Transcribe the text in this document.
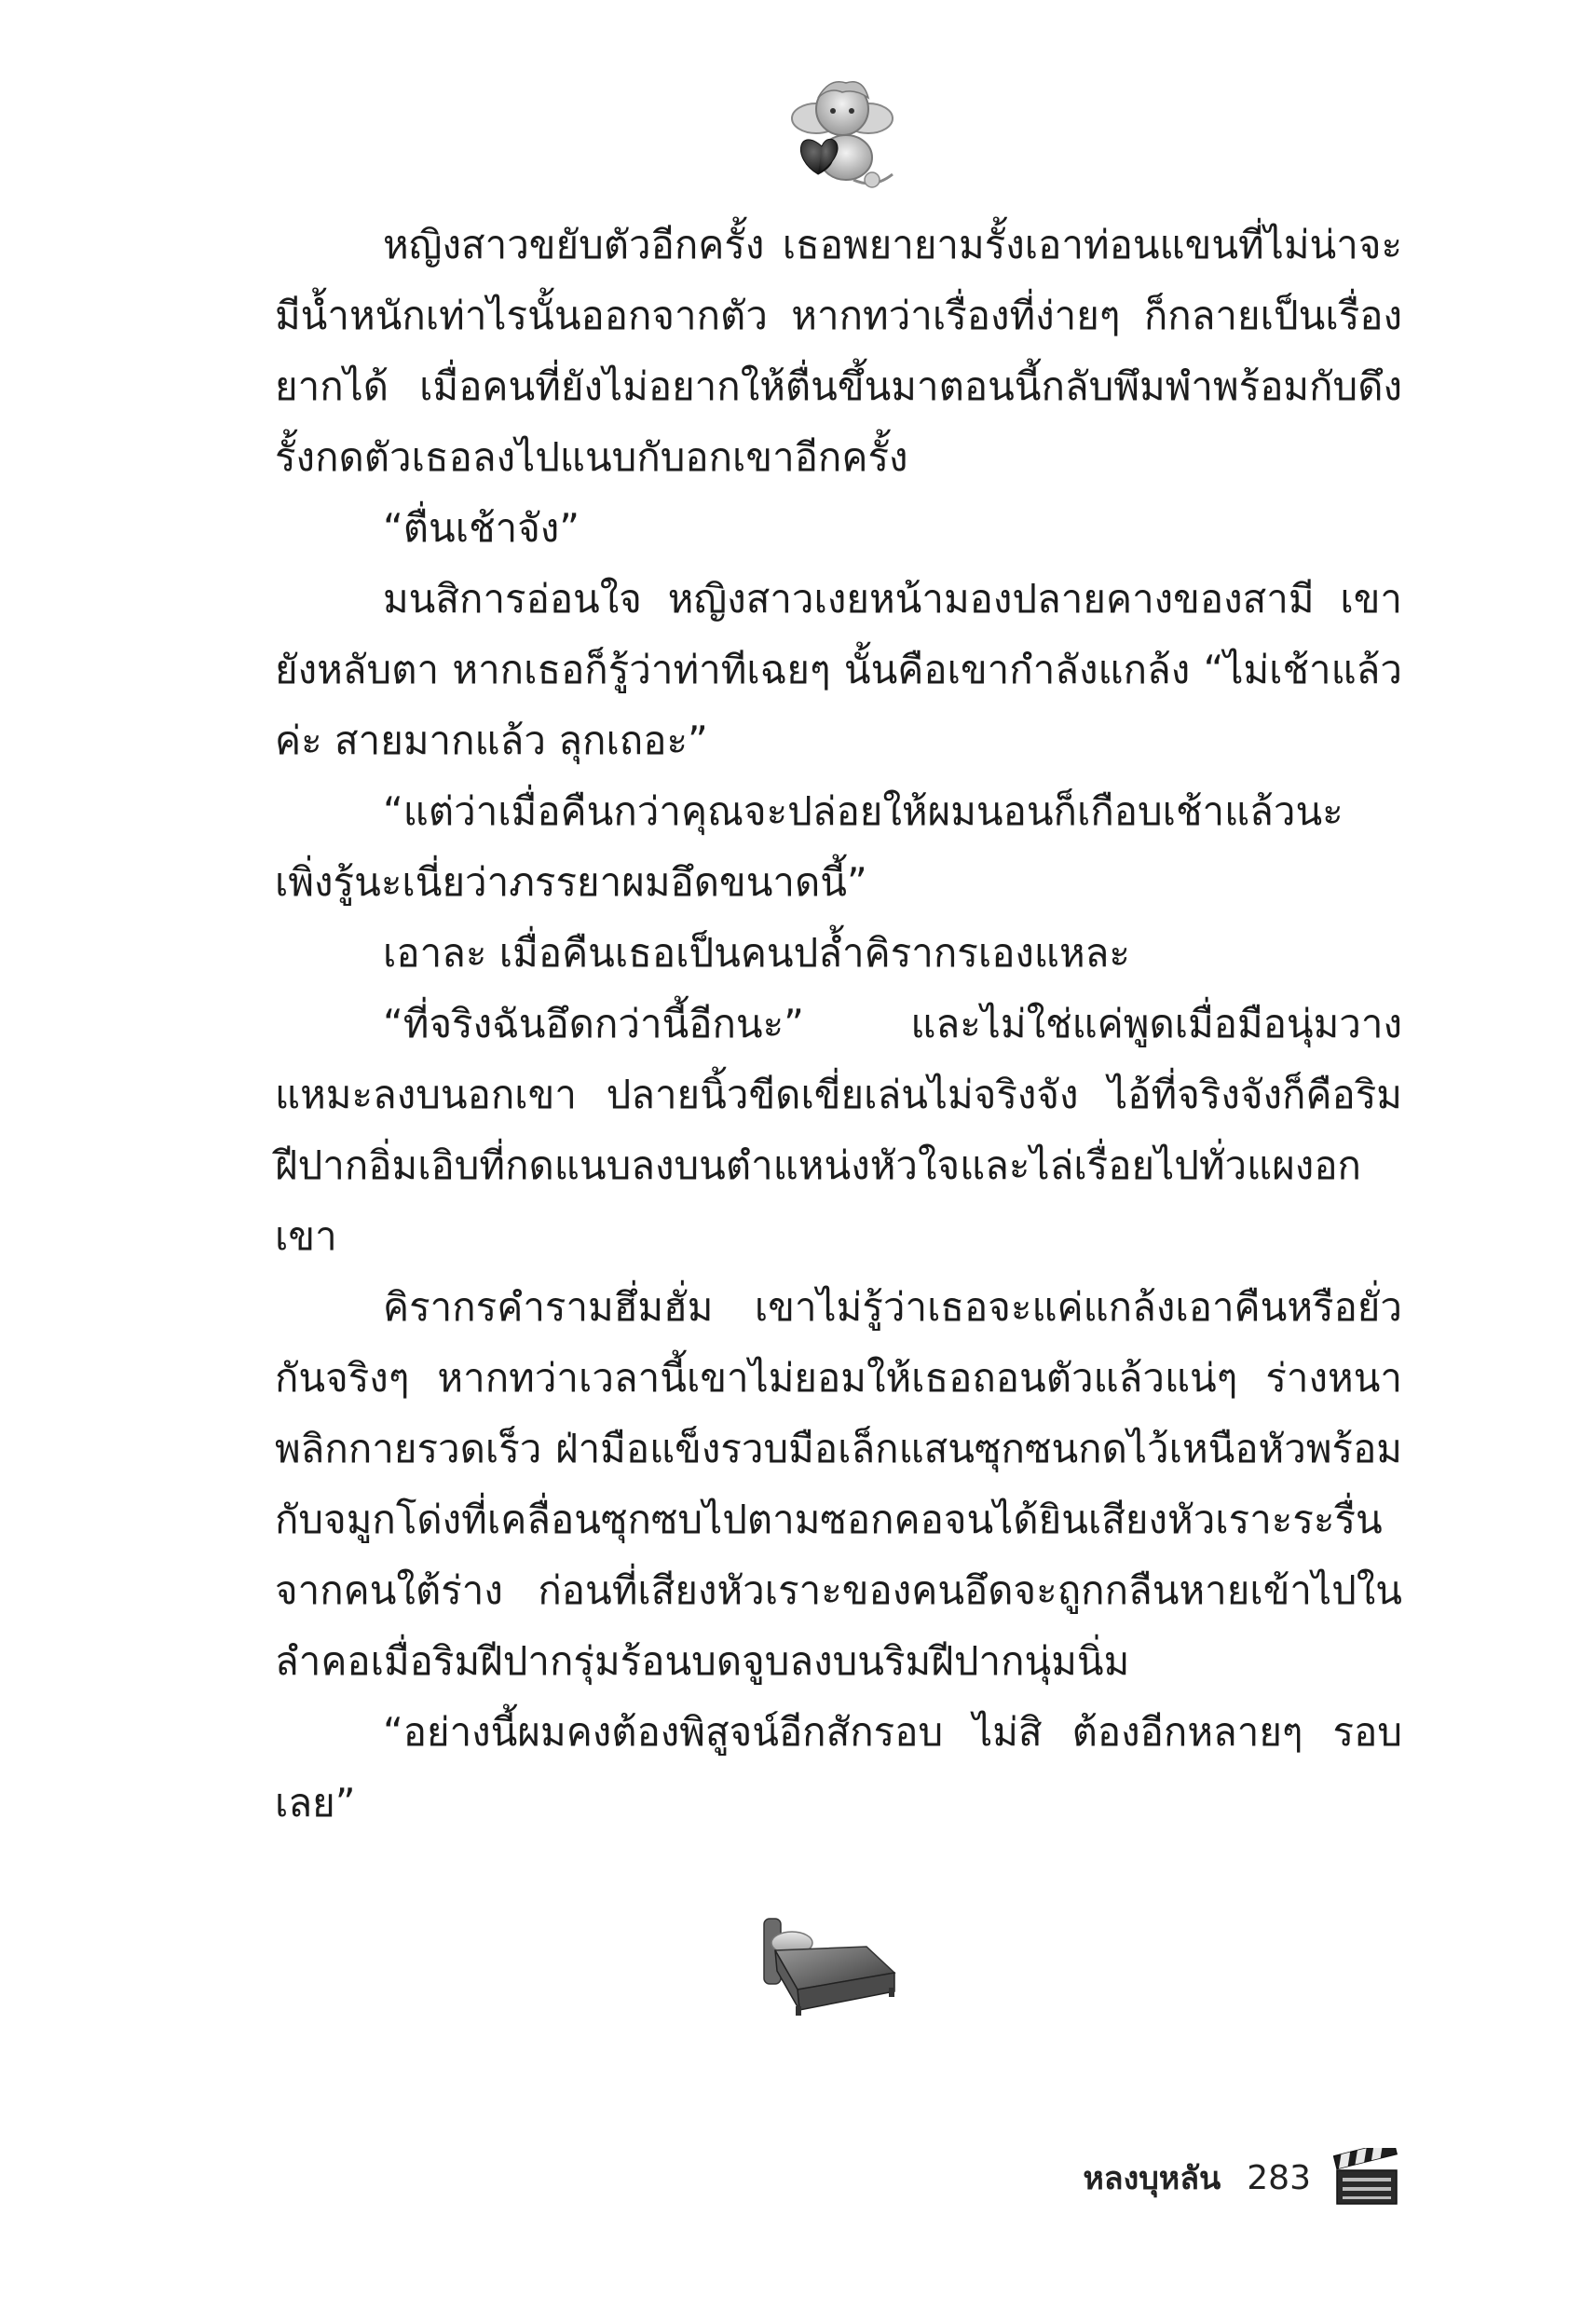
หญิงสาวขยับตัวอีกครั้ง เธอพยายามรั้งเอาท่อนแขนที่ไม่น่าจะมีน้ำหนักเท่าไรนั้นออกจากตัว หากทว่าเรื่องที่ง่ายๆ ก็กลายเป็นเรื่องยากได้ เมื่อคนที่ยังไม่อยากให้ตื่นขึ้นมาตอนนี้กลับพึมพำพร้อมกับดึงรั้งกดตัวเธอลงไปแนบกับอกเขาอีกครั้ง

“ตื่นเช้าจัง”

มนสิการอ่อนใจ หญิงสาวเงยหน้ามองปลายคางของสามี เขายังหลับตา หากเธอก็รู้ว่าท่าทีเฉยๆ นั้นคือเขากำลังแกล้ง “ไม่เช้าแล้วค่ะ สายมากแล้ว ลุกเถอะ”

“แต่ว่าเมื่อคืนกว่าคุณจะปล่อยให้ผมนอนก็เกือบเช้าแล้วนะ เพิ่งรู้นะเนี่ยว่าภรรยาผมอึดขนาดนี้”

เอาละ เมื่อคืนเธอเป็นคนปล้ำคิรากรเองแหละ

“ที่จริงฉันอึดกว่านี้อีกนะ” และไม่ใช่แค่พูดเมื่อมือนุ่มวางแหมะลงบนอกเขา ปลายนิ้วขีดเขี่ยเล่นไม่จริงจัง ไอ้ที่จริงจังก็คือริมฝีปากอิ่มเอิบที่กดแนบลงบนตำแหน่งหัวใจและไล่เรื่อยไปทั่วแผงอกเขา

คิรากรคำรามฮึ่มฮั่ม เขาไม่รู้ว่าเธอจะแค่แกล้งเอาคืนหรือยั่วกันจริงๆ หากทว่าเวลานี้เขาไม่ยอมให้เธอถอนตัวแล้วแน่ๆ ร่างหนาพลิกกายรวดเร็ว ฝ่ามือแข็งรวบมือเล็กแสนซุกซนกดไว้เหนือหัวพร้อมกับจมูกโด่งที่เคลื่อนซุกซบไปตามซอกคอจนได้ยินเสียงหัวเราะระรื่นจากคนใต้ร่าง ก่อนที่เสียงหัวเราะของคนอึดจะถูกกลืนหายเข้าไปในลำคอเมื่อริมฝีปากรุ่มร้อนบดจูบลงบนริมฝีปากนุ่มนิ่ม

“อย่างนี้ผมคงต้องพิสูจน์อีกสักรอบ ไม่สิ ต้องอีกหลายๆ รอบเลย”

หลงบุหลัน 283
